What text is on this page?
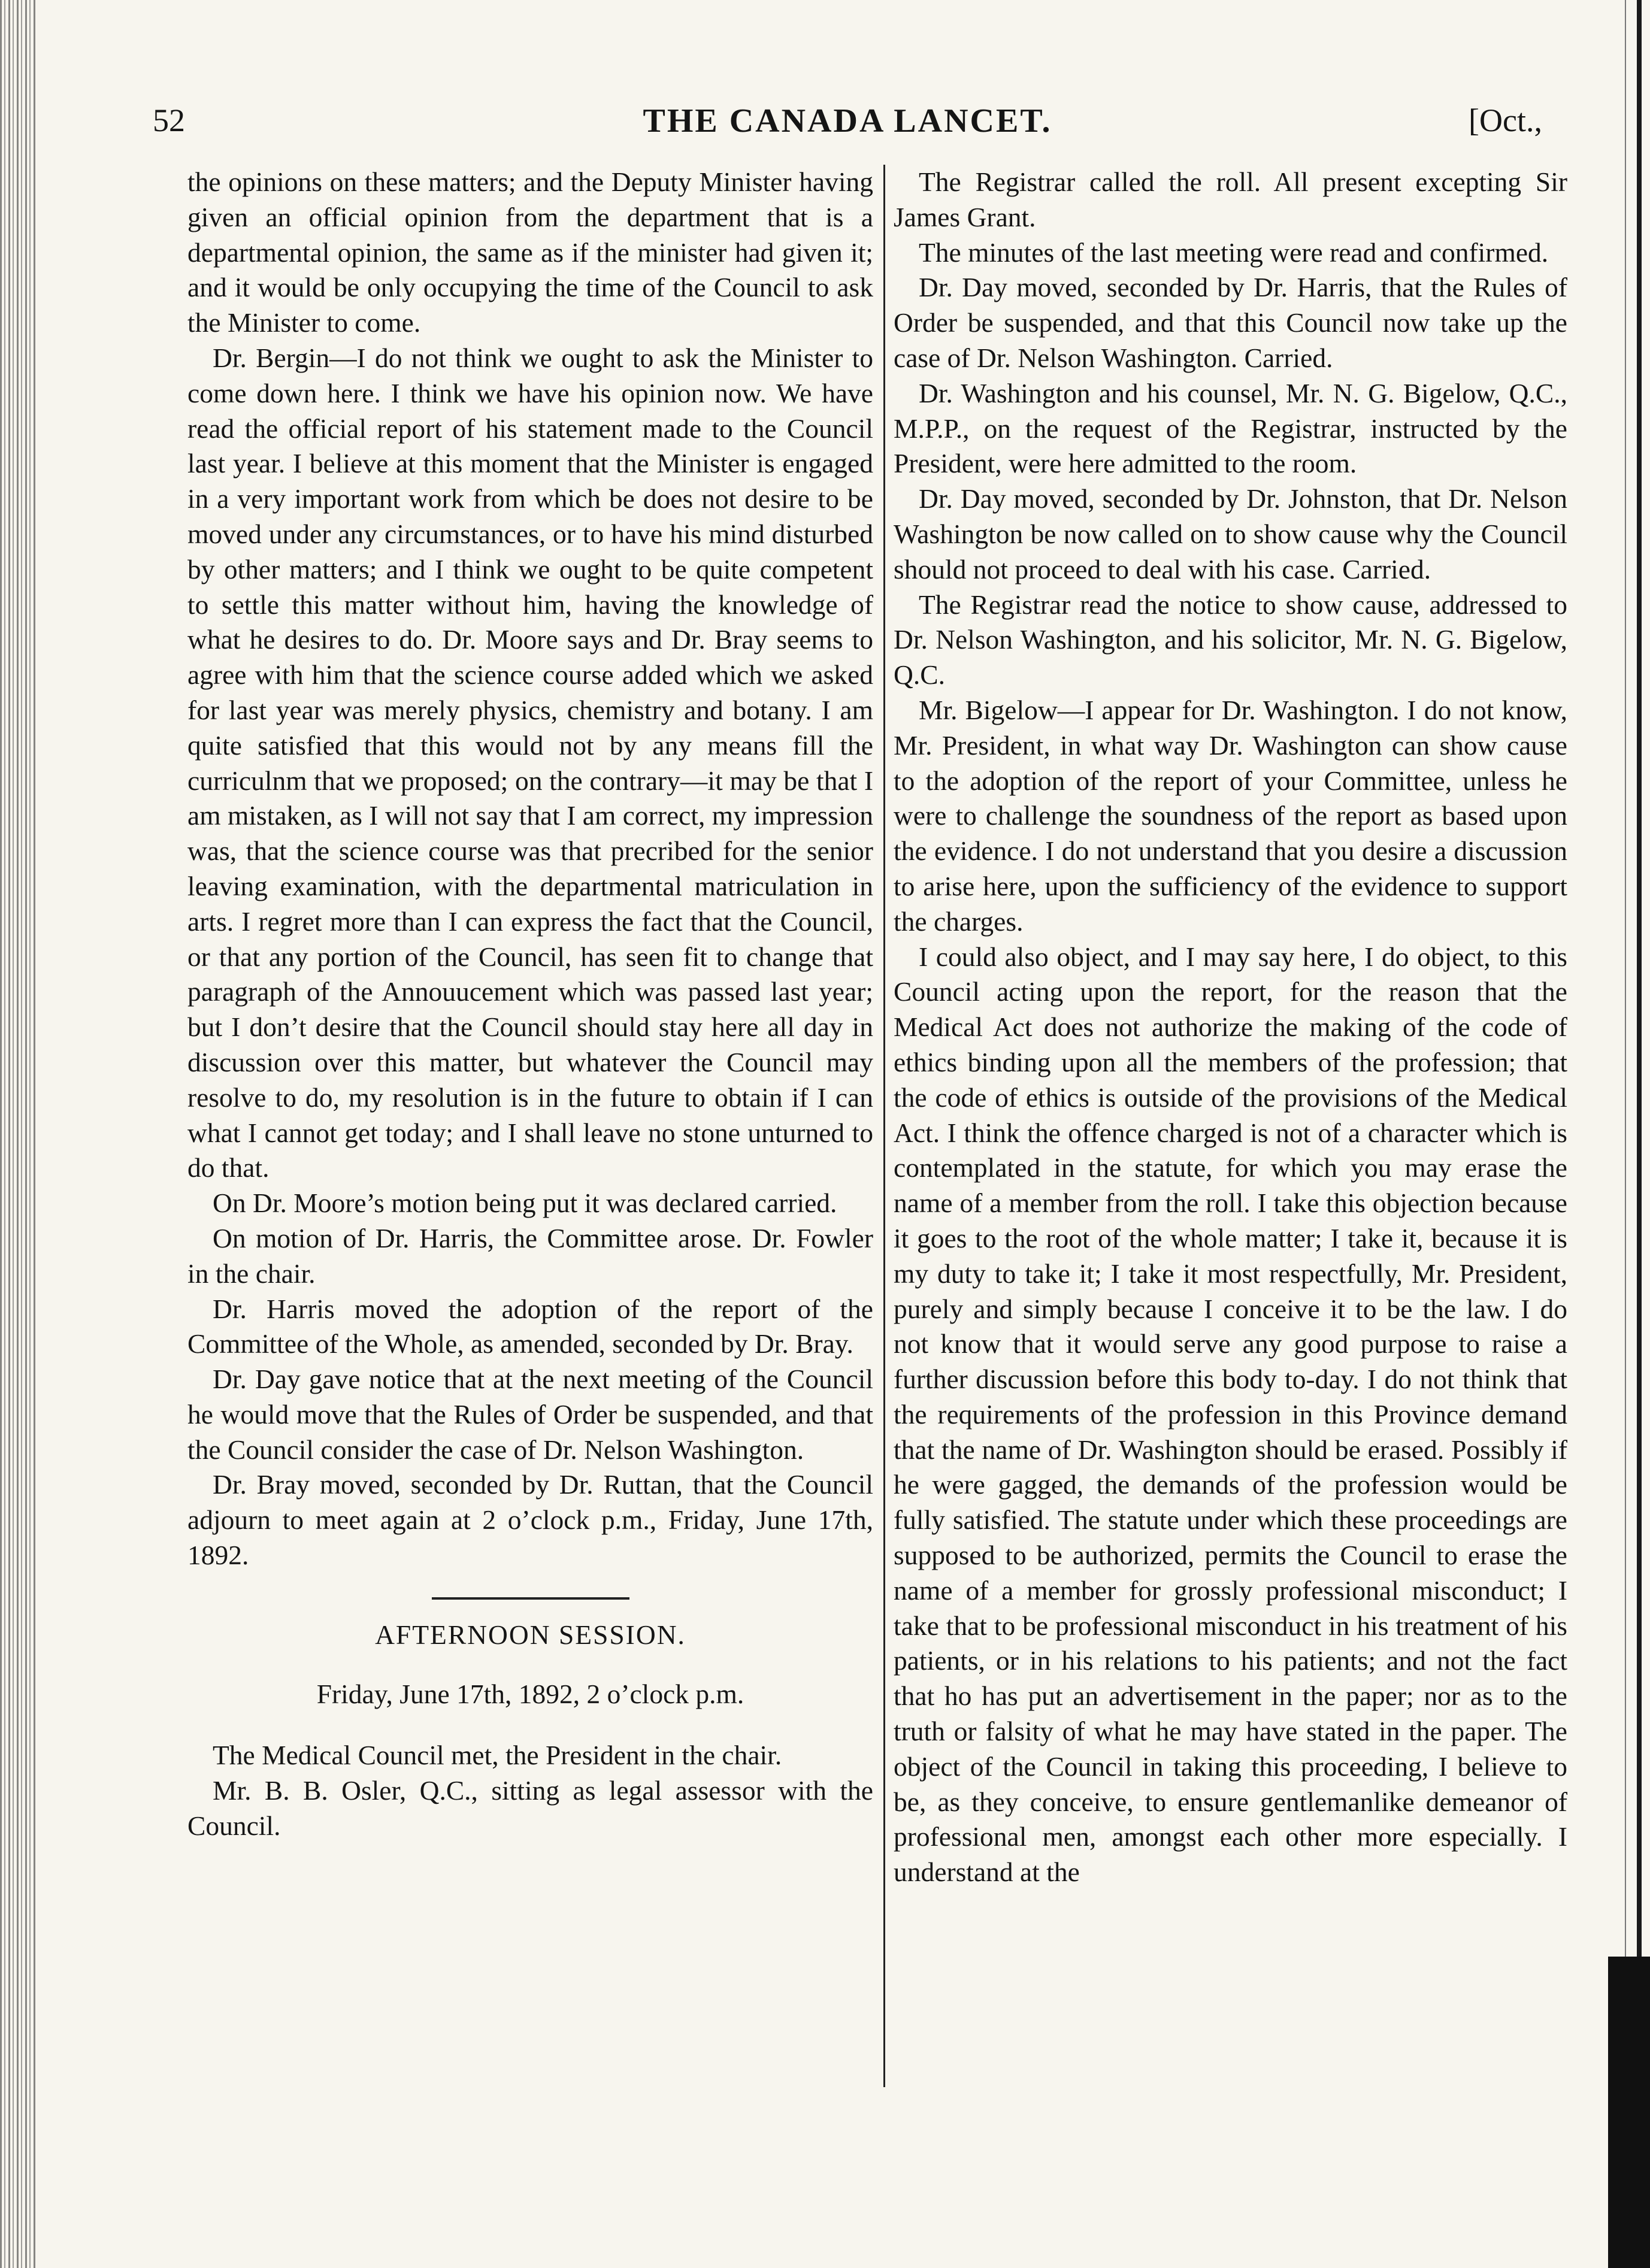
52	THE CANADA LANCET.	[Oct.,

the opinions on these matters; and the Deputy Minister having given an official opinion from the department that is a departmental opinion, the same as if the minister had given it; and it would be only occupying the time of the Council to ask the Minister to come.

Dr. Bergin—I do not think we ought to ask the Minister to come down here. I think we have his opinion now. We have read the official report of his statement made to the Council last year. I believe at this moment that the Minister is engaged in a very important work from which be does not desire to be moved under any circumstances, or to have his mind disturbed by other matters; and I think we ought to be quite competent to settle this matter without him, having the knowledge of what he desires to do. Dr. Moore says and Dr. Bray seems to agree with him that the science course added which we asked for last year was merely physics, chemistry and botany. I am quite satisfied that this would not by any means fill the curriculnm that we proposed; on the contrary—it may be that I am mistaken, as I will not say that I am correct, my impression was, that the science course was that precribed for the senior leaving examination, with the departmental matriculation in arts. I regret more than I can express the fact that the Council, or that any portion of the Council, has seen fit to change that paragraph of the Annouucement which was passed last year; but I don’t desire that the Council should stay here all day in discussion over this matter, but whatever the Council may resolve to do, my resolution is in the future to obtain if I can what I cannot get today; and I shall leave no stone unturned to do that.

On Dr. Moore’s motion being put it was declared carried.

On motion of Dr. Harris, the Committee arose. Dr. Fowler in the chair.

Dr. Harris moved the adoption of the report of the Committee of the Whole, as amended, seconded by Dr. Bray.

Dr. Day gave notice that at the next meeting of the Council he would move that the Rules of Order be suspended, and that the Council consider the case of Dr. Nelson Washington.

Dr. Bray moved, seconded by Dr. Ruttan, that the Council adjourn to meet again at 2 o’clock p.m., Friday, June 17th, 1892.

AFTERNOON SESSION.

Friday, June 17th, 1892, 2 o’clock p.m.

The Medical Council met, the President in the chair.

Mr. B. B. Osler, Q.C., sitting as legal assessor with the Council.

The Registrar called the roll. All present excepting Sir James Grant.

The minutes of the last meeting were read and confirmed.

Dr. Day moved, seconded by Dr. Harris, that the Rules of Order be suspended, and that this Council now take up the case of Dr. Nelson Washington. Carried.

Dr. Washington and his counsel, Mr. N. G. Bigelow, Q.C., M.P.P., on the request of the Registrar, instructed by the President, were here admitted to the room.

Dr. Day moved, seconded by Dr. Johnston, that Dr. Nelson Washington be now called on to show cause why the Council should not proceed to deal with his case. Carried.

The Registrar read the notice to show cause, addressed to Dr. Nelson Washington, and his solicitor, Mr. N. G. Bigelow, Q.C.

Mr. Bigelow—I appear for Dr. Washington. I do not know, Mr. President, in what way Dr. Washington can show cause to the adoption of the report of your Committee, unless he were to challenge the soundness of the report as based upon the evidence. I do not understand that you desire a discussion to arise here, upon the sufficiency of the evidence to support the charges.

I could also object, and I may say here, I do object, to this Council acting upon the report, for the reason that the Medical Act does not authorize the making of the code of ethics binding upon all the members of the profession; that the code of ethics is outside of the provisions of the Medical Act. I think the offence charged is not of a character which is contemplated in the statute, for which you may erase the name of a member from the roll. I take this objection because it goes to the root of the whole matter; I take it, because it is my duty to take it; I take it most respectfully, Mr. President, purely and simply because I conceive it to be the law. I do not know that it would serve any good purpose to raise a further discussion before this body to-day. I do not think that the requirements of the profession in this Province demand that the name of Dr. Washington should be erased. Possibly if he were gagged, the demands of the profession would be fully satisfied. The statute under which these proceedings are supposed to be authorized, permits the Council to erase the name of a member for grossly professional misconduct; I take that to be professional misconduct in his treatment of his patients, or in his relations to his patients; and not the fact that ho has put an advertisement in the paper; nor as to the truth or falsity of what he may have stated in the paper. The object of the Council in taking this proceeding, I believe to be, as they conceive, to ensure gentlemanlike demeanor of professional men, amongst each other more especially. I understand at the
